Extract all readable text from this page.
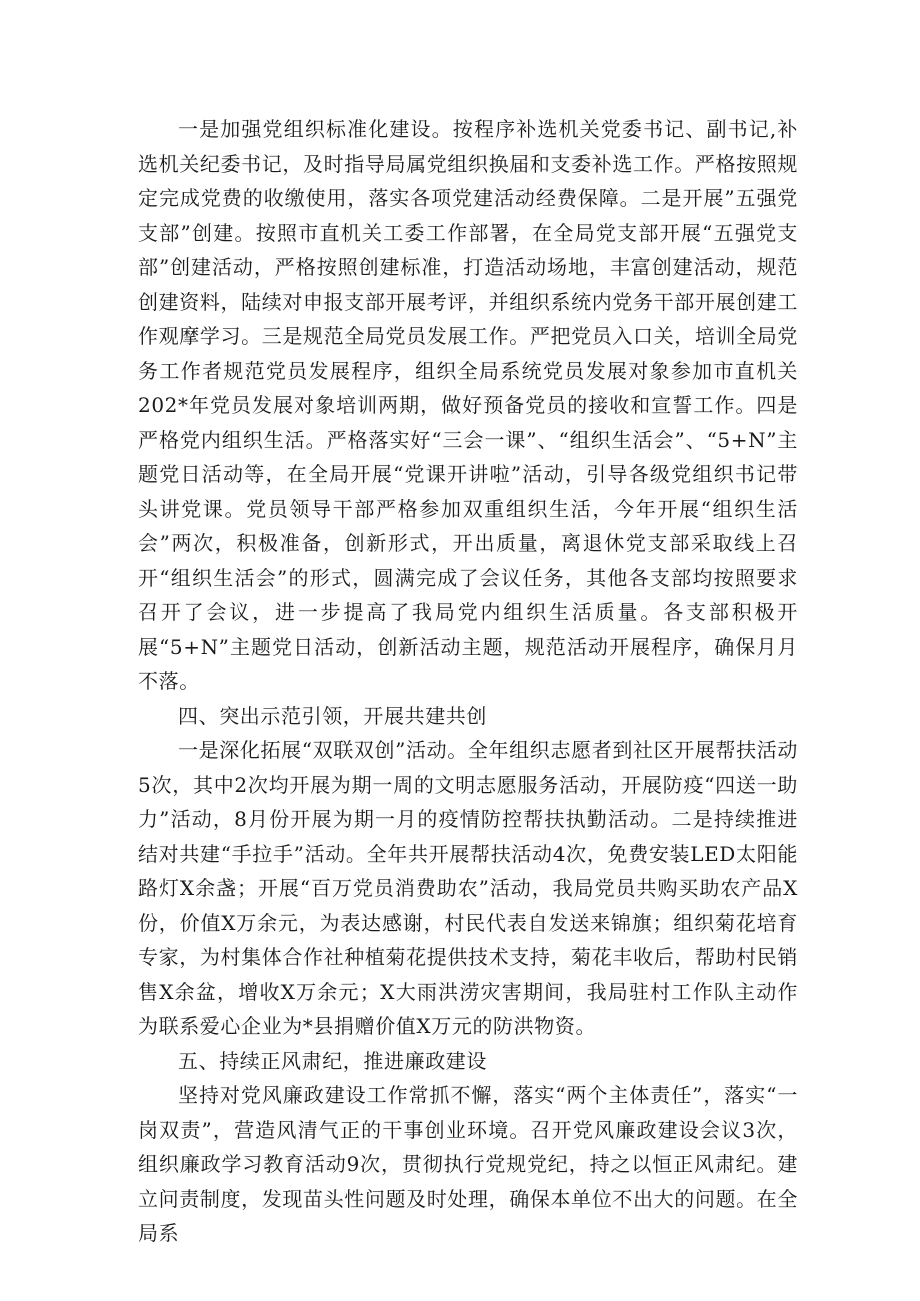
一是加强党组织标准化建设。按程序补选机关党委书记、副书记,补选机关纪委书记，及时指导局属党组织换届和支委补选工作。严格按照规定完成党费的收缴使用，落实各项党建活动经费保障。二是开展”五强党支部”创建。按照市直机关工委工作部署，在全局党支部开展“五强党支部”创建活动，严格按照创建标准，打造活动场地，丰富创建活动，规范创建资料，陆续对申报支部开展考评，并组织系统内党务干部开展创建工作观摩学习。三是规范全局党员发展工作。严把党员入口关，培训全局党务工作者规范党员发展程序，组织全局系统党员发展对象参加市直机关202*年党员发展对象培训两期，做好预备党员的接收和宣誓工作。四是严格党内组织生活。严格落实好“三会一课”、“组织生活会”、“5+N”主题党日活动等，在全局开展“党课开讲啦”活动，引导各级党组织书记带头讲党课。党员领导干部严格参加双重组织生活，今年开展“组织生活会”两次，积极准备，创新形式，开出质量，离退休党支部采取线上召开“组织生活会”的形式，圆满完成了会议任务，其他各支部均按照要求召开了会议，进一步提高了我局党内组织生活质量。各支部积极开展“5+N”主题党日活动，创新活动主题，规范活动开展程序，确保月月不落。

四、突出示范引领，开展共建共创

一是深化拓展“双联双创”活动。全年组织志愿者到社区开展帮扶活动5次，其中2次均开展为期一周的文明志愿服务活动，开展防疫“四送一助力”活动，8月份开展为期一月的疫情防控帮扶执勤活动。二是持续推进结对共建“手拉手”活动。全年共开展帮扶活动4次，免费安装LED太阳能路灯X余盏；开展“百万党员消费助农”活动，我局党员共购买助农产品X份，价值X万余元，为表达感谢，村民代表自发送来锦旗；组织菊花培育专家，为村集体合作社种植菊花提供技术支持，菊花丰收后，帮助村民销售X余盆，增收X万余元；X大雨洪涝灾害期间，我局驻村工作队主动作为联系爱心企业为*县捐赠价值X万元的防洪物资。

五、持续正风肃纪，推进廉政建设

坚持对党风廉政建设工作常抓不懈，落实“两个主体责任”，落实“一岗双责”，营造风清气正的干事创业环境。召开党风廉政建设会议3次，组织廉政学习教育活动9次，贯彻执行党规党纪，持之以恒正风肃纪。建立问责制度，发现苗头性问题及时处理，确保本单位不出大的问题。在全局系
